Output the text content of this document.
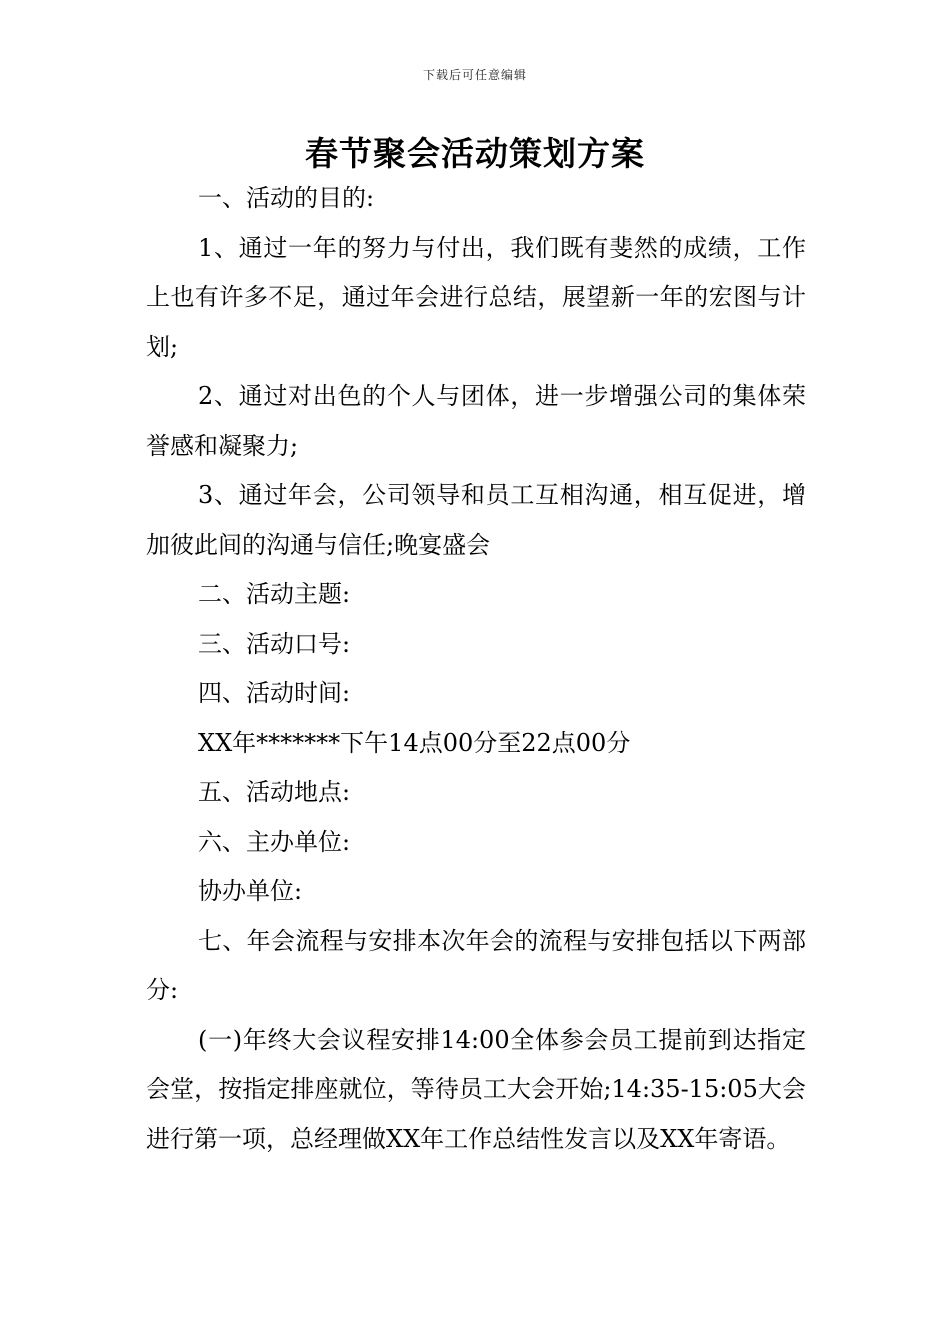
下载后可任意编辑
春节聚会活动策划方案

一、活动的目的:

1、通过一年的努力与付出，我们既有斐然的成绩，工作上也有许多不足，通过年会进行总结，展望新一年的宏图与计划;

2、通过对出色的个人与团体，进一步增强公司的集体荣誉感和凝聚力;

3、通过年会，公司领导和员工互相沟通，相互促进，增加彼此间的沟通与信任;晚宴盛会

二、活动主题:

三、活动口号:

四、活动时间:

XX年*******下午14点00分至22点00分

五、活动地点:

六、主办单位:

协办单位:

七、年会流程与安排本次年会的流程与安排包括以下两部分:

(一)年终大会议程安排14:00全体参会员工提前到达指定会堂，按指定排座就位，等待员工大会开始;14:35-15:05大会进行第一项，总经理做XX年工作总结性发言以及XX年寄语。
